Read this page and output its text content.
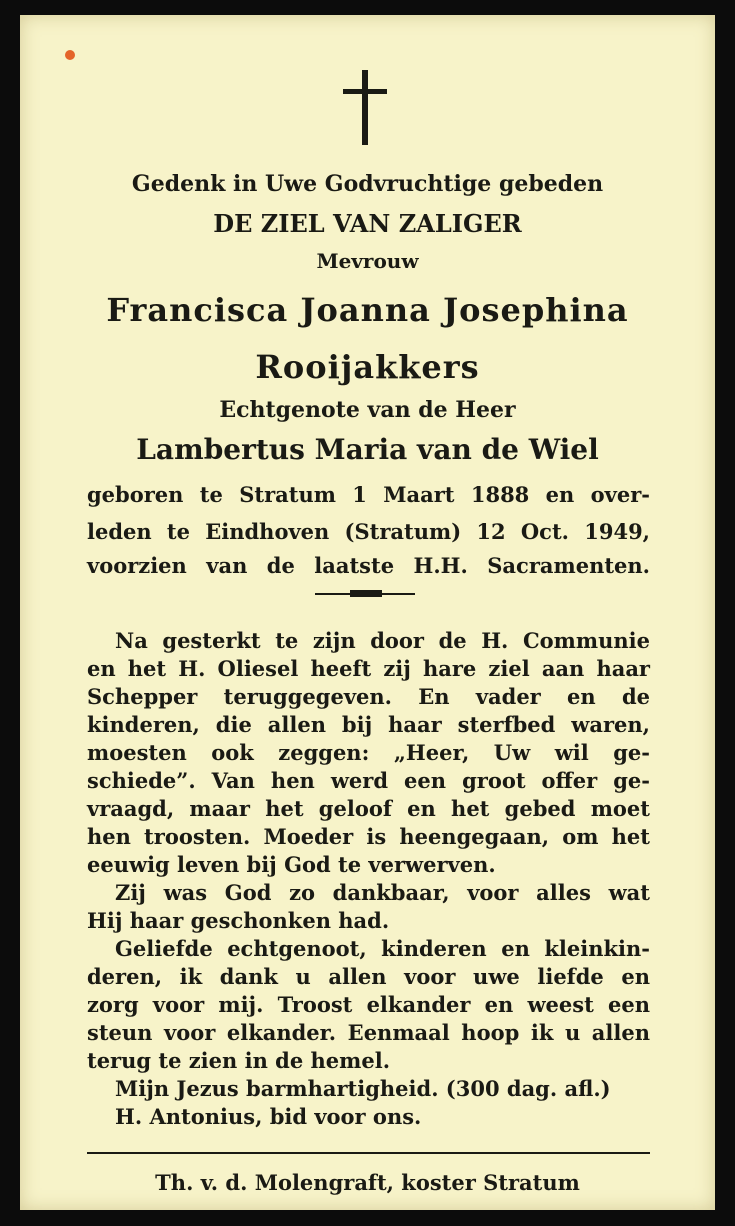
Gedenk in Uwe Godvruchtige gebeden
DE ZIEL VAN ZALIGER
Mevrouw
Francisca Joanna Josephina
Rooijakkers
Echtgenote van de Heer
Lambertus Maria van de Wiel
geboren te Stratum 1 Maart 1888 en over-
leden te Eindhoven (Stratum) 12 Oct. 1949,
voorzien van de laatste H.H. Sacramenten.
Na gesterkt te zijn door de H. Communie
en het H. Oliesel heeft zij hare ziel aan haar
Schepper teruggegeven. En vader en de
kinderen, die allen bij haar sterfbed waren,
moesten ook zeggen: „Heer, Uw wil ge-
schiede”. Van hen werd een groot offer ge-
vraagd, maar het geloof en het gebed moet
hen troosten. Moeder is heengegaan, om het
eeuwig leven bij God te verwerven.
Zij was God zo dankbaar, voor alles wat
Hij haar geschonken had.
Geliefde echtgenoot, kinderen en kleinkin-
deren, ik dank u allen voor uwe liefde en
zorg voor mij. Troost elkander en weest een
steun voor elkander. Eenmaal hoop ik u allen
terug te zien in de hemel.
Mijn Jezus barmhartigheid. (300 dag. afl.)
H. Antonius, bid voor ons.
Th. v. d. Molengraft, koster Stratum
